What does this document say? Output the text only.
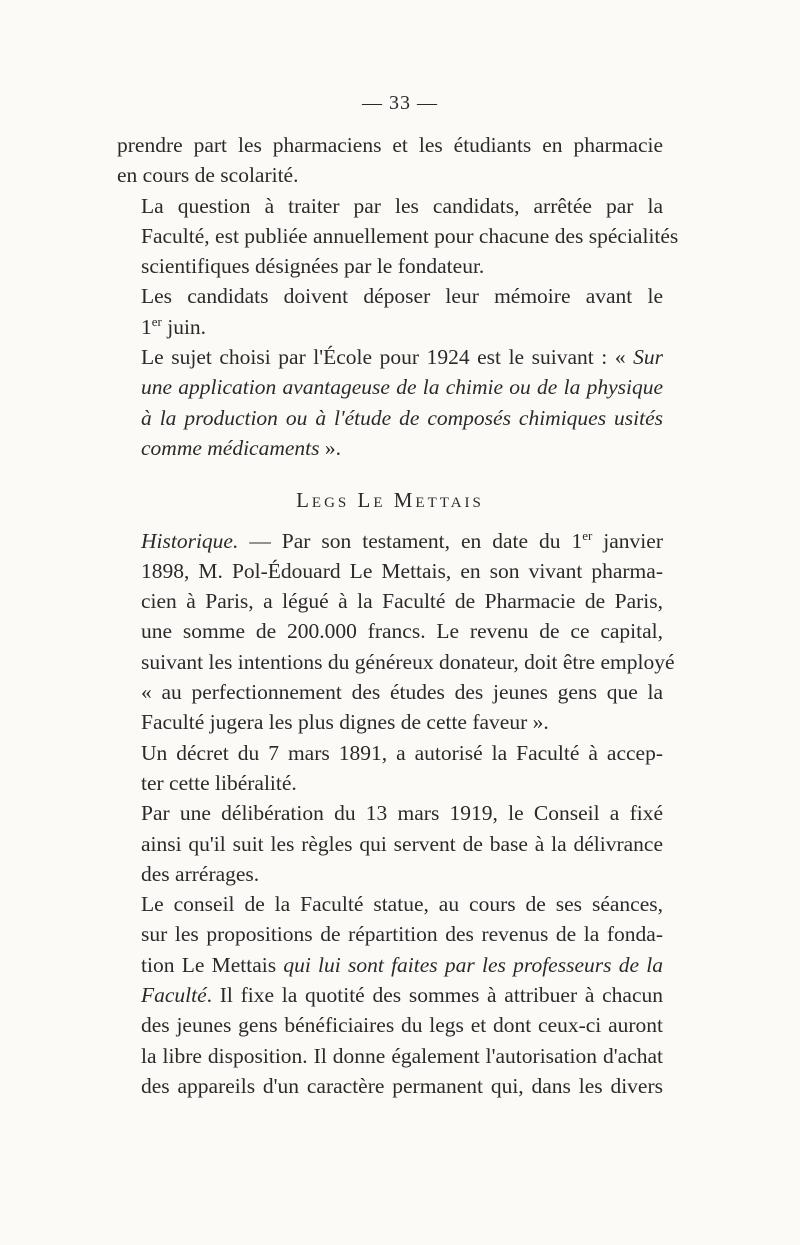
— 33 —

prendre part les pharmaciens et les étudiants en pharmacie
en cours de scolarité.

La question à traiter par les candidats, arrêtée par la
Faculté, est publiée annuellement pour chacune des spécialités
scientifiques désignées par le fondateur.

Les candidats doivent déposer leur mémoire avant le
1er juin.

Le sujet choisi par l'École pour 1924 est le suivant : « Sur
une application avantageuse de la chimie ou de la physique
à la production ou à l'étude de composés chimiques usités
comme médicaments ».

Legs Le Mettais

Historique. — Par son testament, en date du 1er janvier
1898, M. Pol-Édouard Le Mettais, en son vivant pharma-
cien à Paris, a légué à la Faculté de Pharmacie de Paris,
une somme de 200.000 francs. Le revenu de ce capital,
suivant les intentions du généreux donateur, doit être employé
« au perfectionnement des études des jeunes gens que la
Faculté jugera les plus dignes de cette faveur ».

Un décret du 7 mars 1891, a autorisé la Faculté à accep-
ter cette libéralité.

Par une délibération du 13 mars 1919, le Conseil a fixé
ainsi qu'il suit les règles qui servent de base à la délivrance
des arrérages.

Le conseil de la Faculté statue, au cours de ses séances,
sur les propositions de répartition des revenus de la fonda-
tion Le Mettais qui lui sont faites par les professeurs de la
Faculté. Il fixe la quotité des sommes à attribuer à chacun
des jeunes gens bénéficiaires du legs et dont ceux-ci auront
la libre disposition. Il donne également l'autorisation d'achat
des appareils d'un caractère permanent qui, dans les divers
